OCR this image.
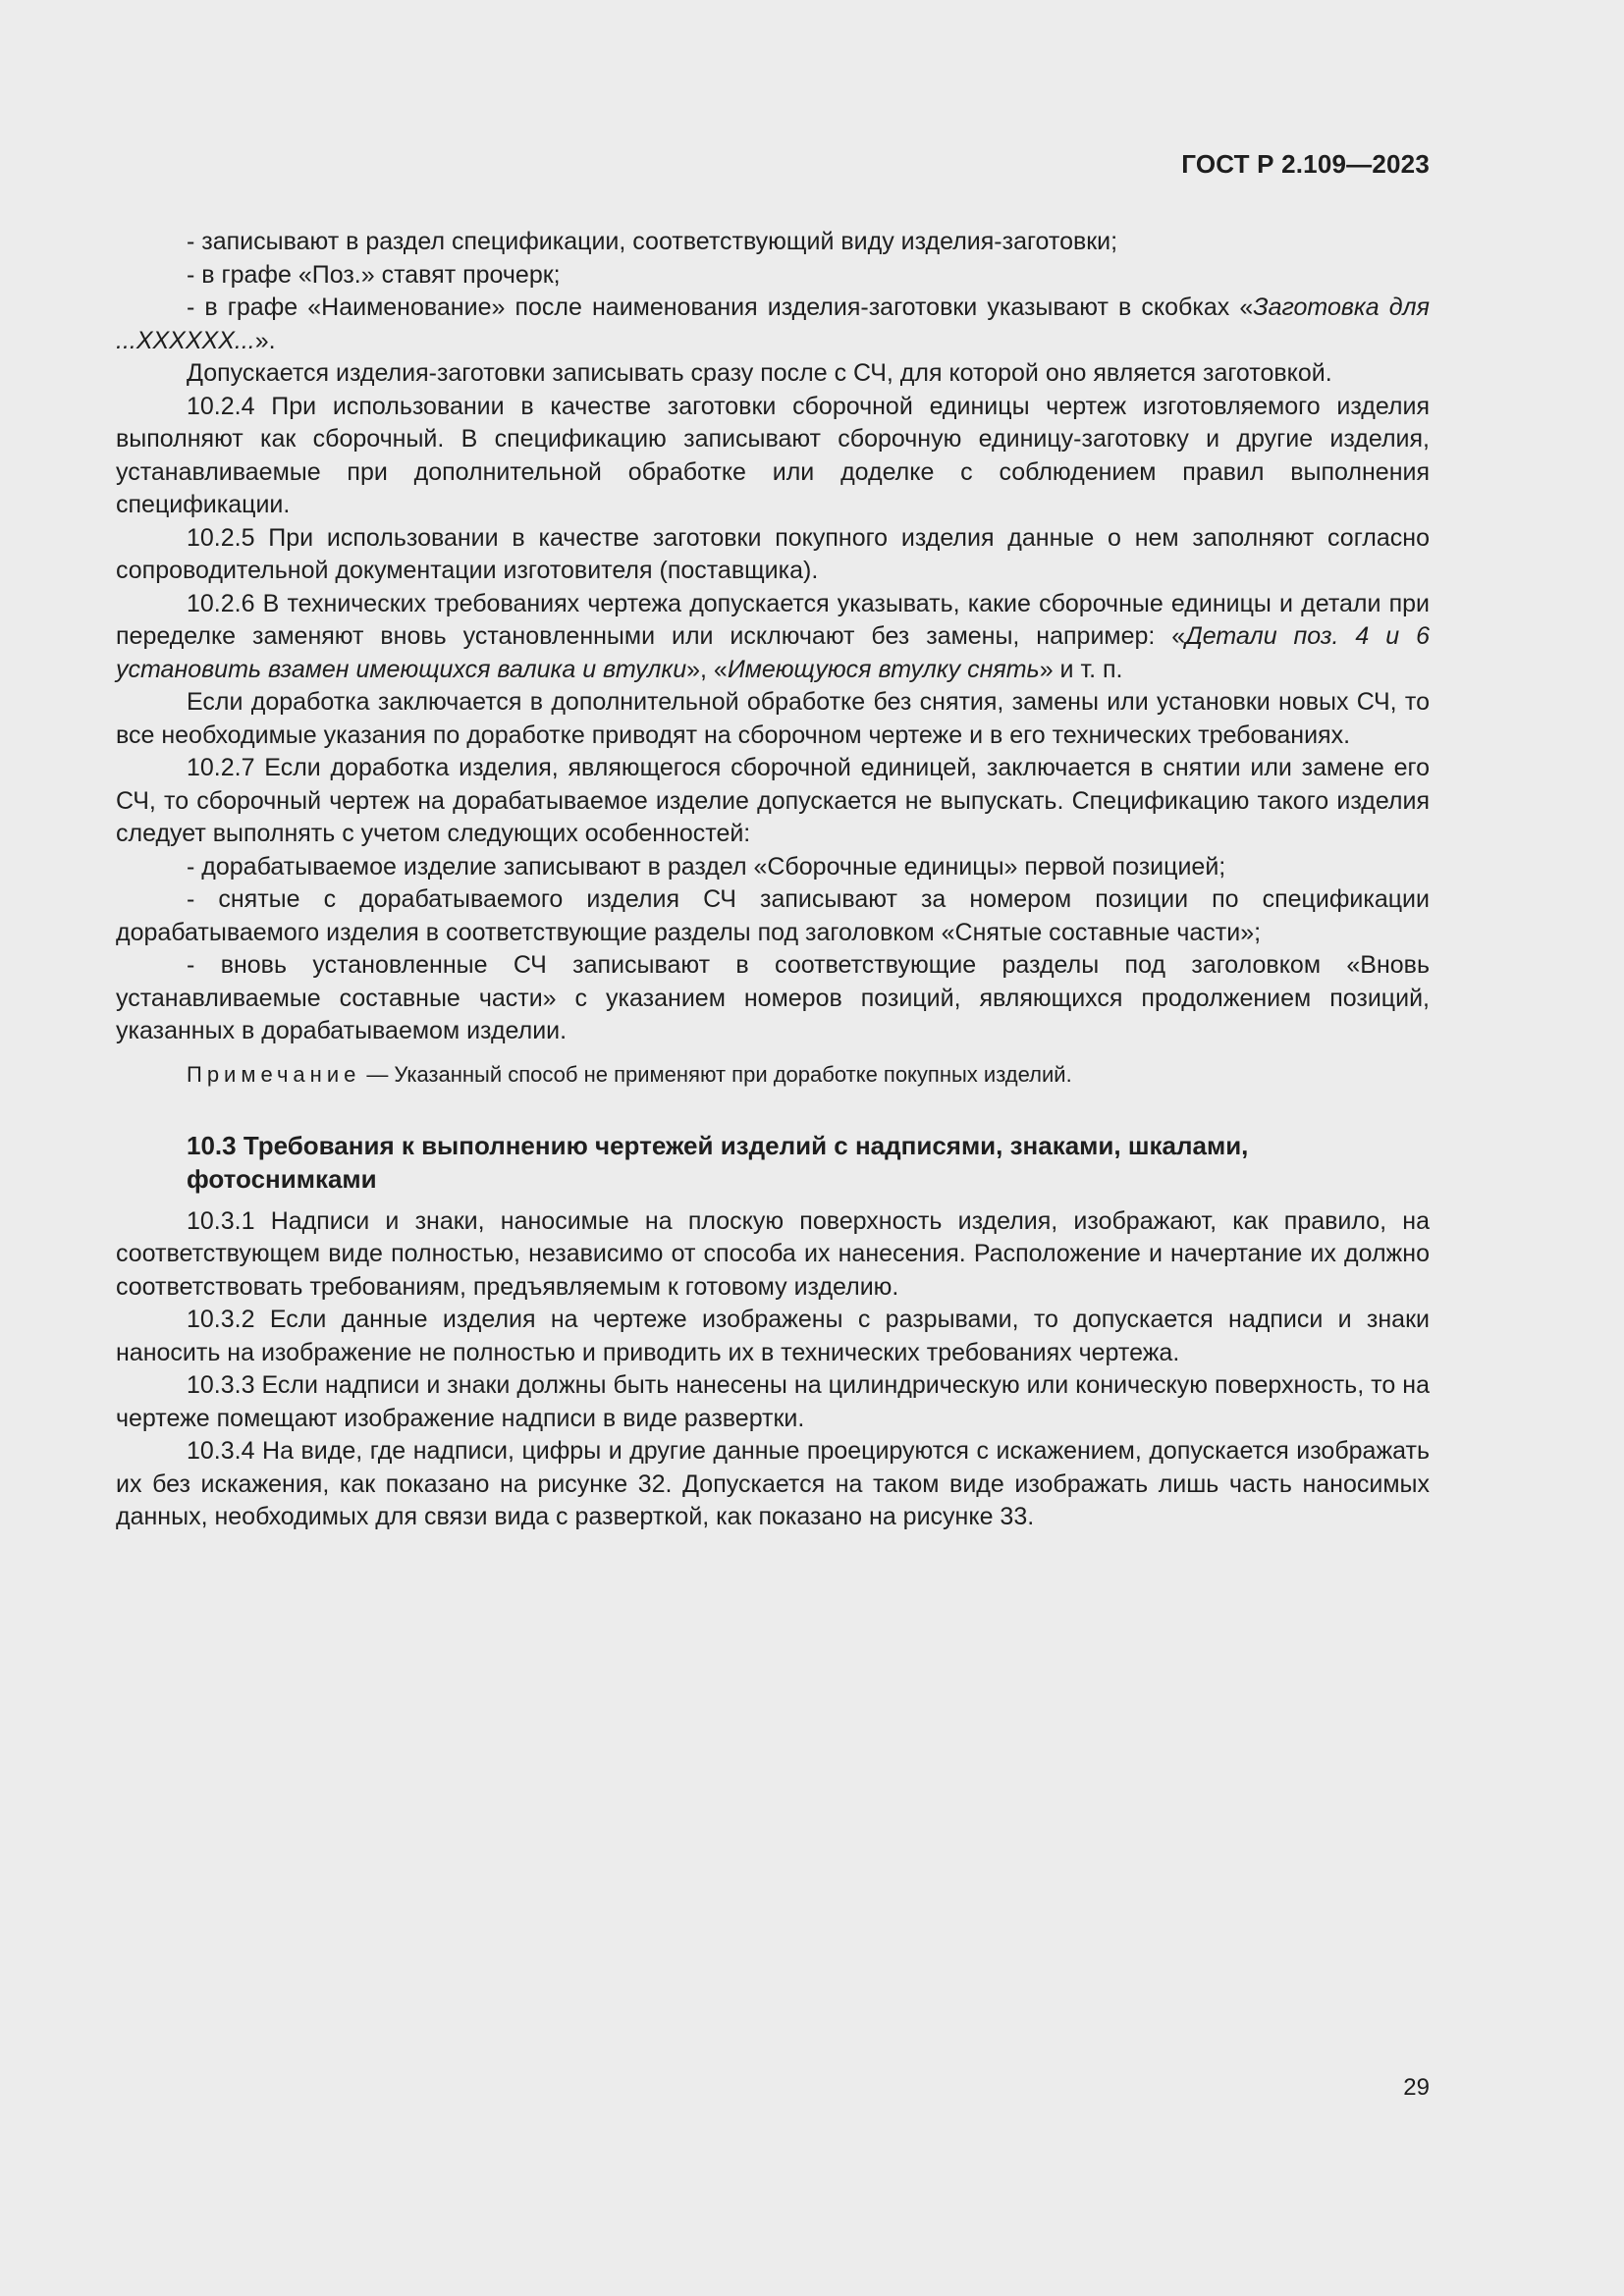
ГОСТ Р 2.109—2023

- записывают в раздел спецификации, соответствующий виду изделия-заготовки;

- в графе «Поз.» ставят прочерк;

- в графе «Наименование» после наименования изделия-заготовки указывают в скобках «Заготовка для ...XXXXXX...».

Допускается изделия-заготовки записывать сразу после с СЧ, для которой оно является заготовкой.

10.2.4 При использовании в качестве заготовки сборочной единицы чертеж изготовляемого изделия выполняют как сборочный. В спецификацию записывают сборочную единицу-заготовку и другие изделия, устанавливаемые при дополнительной обработке или доделке с соблюдением правил выполнения спецификации.

10.2.5 При использовании в качестве заготовки покупного изделия данные о нем заполняют согласно сопроводительной документации изготовителя (поставщика).

10.2.6 В технических требованиях чертежа допускается указывать, какие сборочные единицы и детали при переделке заменяют вновь установленными или исключают без замены, например: «Детали поз. 4 и 6 установить взамен имеющихся валика и втулки», «Имеющуюся втулку снять» и т. п.

Если доработка заключается в дополнительной обработке без снятия, замены или установки новых СЧ, то все необходимые указания по доработке приводят на сборочном чертеже и в его технических требованиях.

10.2.7 Если доработка изделия, являющегося сборочной единицей, заключается в снятии или замене его СЧ, то сборочный чертеж на дорабатываемое изделие допускается не выпускать. Спецификацию такого изделия следует выполнять с учетом следующих особенностей:

- дорабатываемое изделие записывают в раздел «Сборочные единицы» первой позицией;

- снятые с дорабатываемого изделия СЧ записывают за номером позиции по спецификации дорабатываемого изделия в соответствующие разделы под заголовком «Снятые составные части»;

- вновь установленные СЧ записывают в соответствующие разделы под заголовком «Вновь устанавливаемые составные части» с указанием номеров позиций, являющихся продолжением позиций, указанных в дорабатываемом изделии.

Примечание — Указанный способ не применяют при доработке покупных изделий.

10.3 Требования к выполнению чертежей изделий с надписями, знаками, шкалами, фотоснимками

10.3.1 Надписи и знаки, наносимые на плоскую поверхность изделия, изображают, как правило, на соответствующем виде полностью, независимо от способа их нанесения. Расположение и начертание их должно соответствовать требованиям, предъявляемым к готовому изделию.

10.3.2 Если данные изделия на чертеже изображены с разрывами, то допускается надписи и знаки наносить на изображение не полностью и приводить их в технических требованиях чертежа.

10.3.3 Если надписи и знаки должны быть нанесены на цилиндрическую или коническую поверхность, то на чертеже помещают изображение надписи в виде развертки.

10.3.4 На виде, где надписи, цифры и другие данные проецируются с искажением, допускается изображать их без искажения, как показано на рисунке 32. Допускается на таком виде изображать лишь часть наносимых данных, необходимых для связи вида с разверткой, как показано на рисунке 33.

29
